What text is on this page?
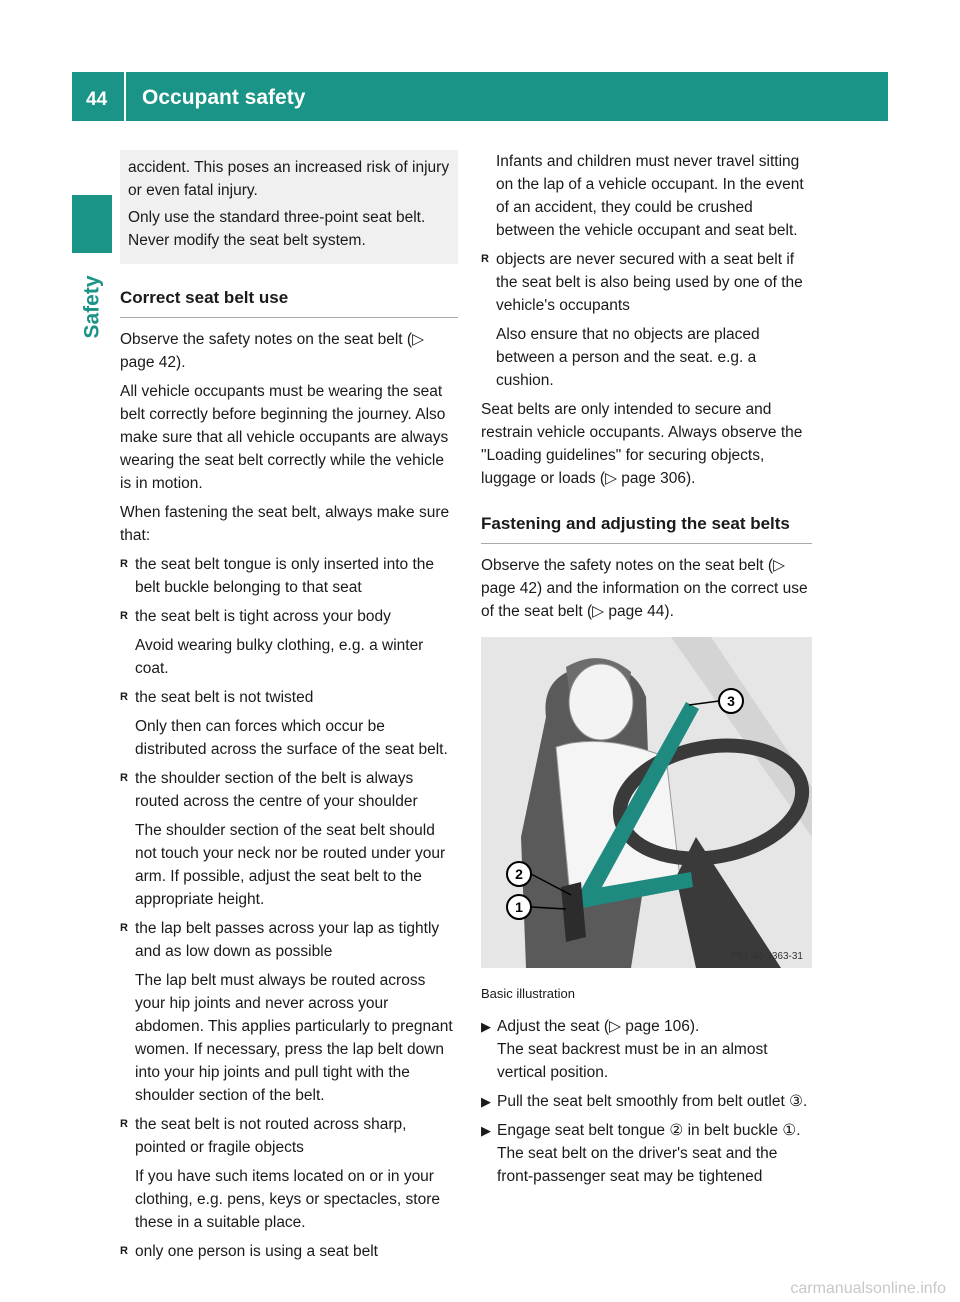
44 Occupant safety
Safety

accident. This poses an increased risk of injury or even fatal injury.

Only use the standard three-point seat belt. Never modify the seat belt system.

Correct seat belt use

Observe the safety notes on the seat belt (▷ page 42).

All vehicle occupants must be wearing the seat belt correctly before beginning the journey. Also make sure that all vehicle occupants are always wearing the seat belt correctly while the vehicle is in motion.

When fastening the seat belt, always make sure that:

R the seat belt tongue is only inserted into the belt buckle belonging to that seat

R the seat belt is tight across your body

Avoid wearing bulky clothing, e.g. a winter coat.

R the seat belt is not twisted

Only then can forces which occur be distributed across the surface of the seat belt.

R the shoulder section of the belt is always routed across the centre of your shoulder

The shoulder section of the seat belt should not touch your neck nor be routed under your arm. If possible, adjust the seat belt to the appropriate height.

R the lap belt passes across your lap as tightly and as low down as possible

The lap belt must always be routed across your hip joints and never across your abdomen. This applies particularly to pregnant women. If necessary, press the lap belt down into your hip joints and pull tight with the shoulder section of the belt.

R the seat belt is not routed across sharp, pointed or fragile objects

If you have such items located on or in your clothing, e.g. pens, keys or spectacles, store these in a suitable place.

R only one person is using a seat belt

Infants and children must never travel sitting on the lap of a vehicle occupant. In the event of an accident, they could be crushed between the vehicle occupant and seat belt.

R objects are never secured with a seat belt if the seat belt is also being used by one of the vehicle's occupants

Also ensure that no objects are placed between a person and the seat. e.g. a cushion.

Seat belts are only intended to secure and restrain vehicle occupants. Always observe the "Loading guidelines" for securing objects, luggage or loads (▷ page 306).

Fastening and adjusting the seat belts

Observe the safety notes on the seat belt (▷ page 42) and the information on the correct use of the seat belt (▷ page 44).

3
2
1
P91.40-3363-31
Basic illustration
▶ Adjust the seat (▷ page 106).

The seat backrest must be in an almost vertical position.

▶ Pull the seat belt smoothly from belt outlet ③.

▶ Engage seat belt tongue ② in belt buckle ①.

The seat belt on the driver's seat and the front-passenger seat may be tightened

carmanualsonline.info
